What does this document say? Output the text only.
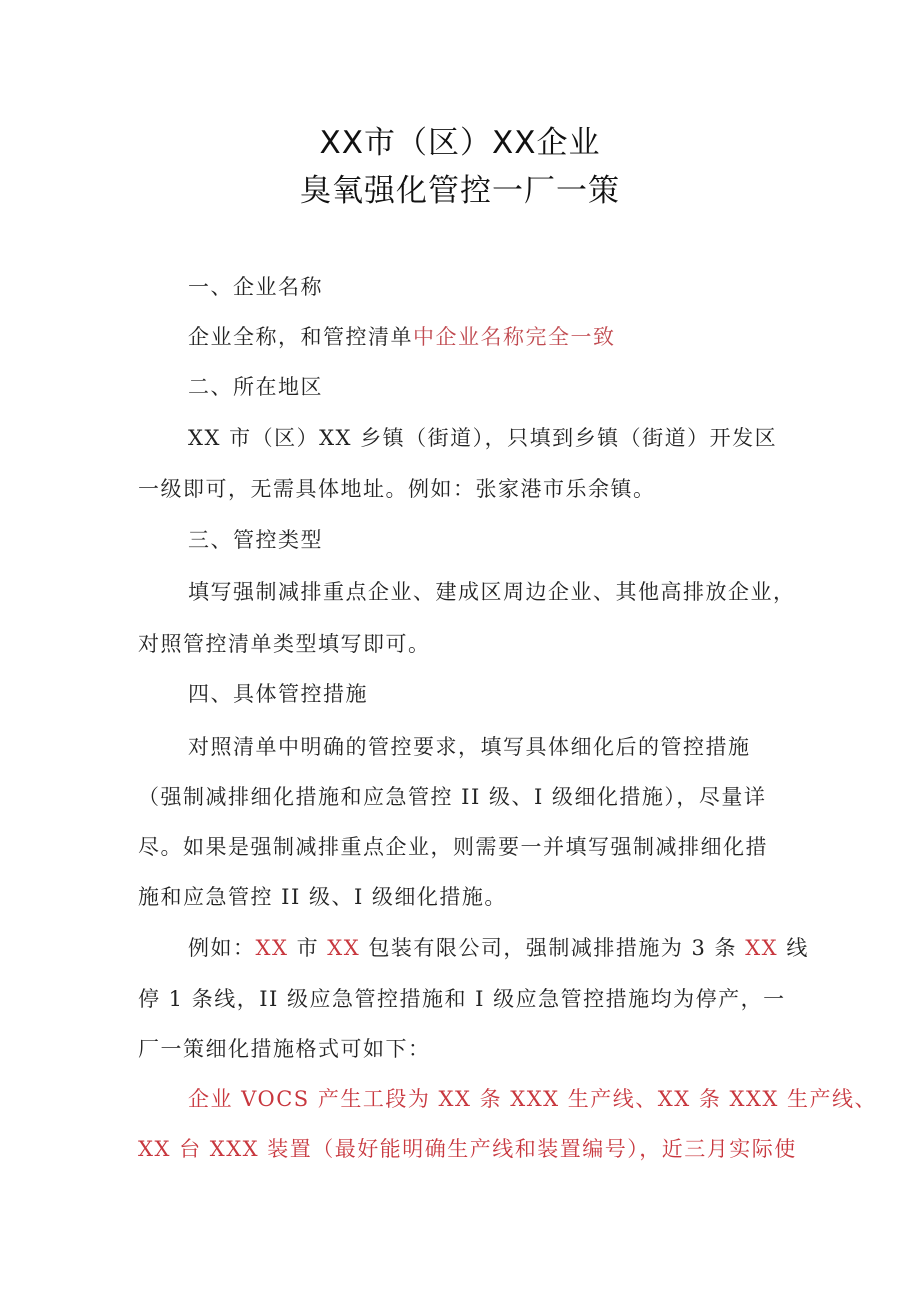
XX市（区）XX企业
臭氧强化管控一厂一策
一、企业名称
企业全称，和管控清单中企业名称完全一致
二、所在地区
XX 市（区）XX 乡镇（街道），只填到乡镇（街道）开发区
一级即可，无需具体地址。例如：张家港市乐余镇。
三、管控类型
填写强制减排重点企业、建成区周边企业、其他高排放企业，
对照管控清单类型填写即可。
四、具体管控措施
对照清单中明确的管控要求，填写具体细化后的管控措施
（强制减排细化措施和应急管控 II 级、I 级细化措施），尽量详
尽。如果是强制减排重点企业，则需要一并填写强制减排细化措
施和应急管控 II 级、I 级细化措施。
例如：XX 市 XX 包装有限公司，强制减排措施为 3 条 XX 线
停 1 条线，II 级应急管控措施和 I 级应急管控措施均为停产，一
厂一策细化措施格式可如下：
企业 VOCS 产生工段为 XX 条 XXX 生产线、XX 条 XXX 生产线、
XX 台 XXX 装置（最好能明确生产线和装置编号），近三月实际使
